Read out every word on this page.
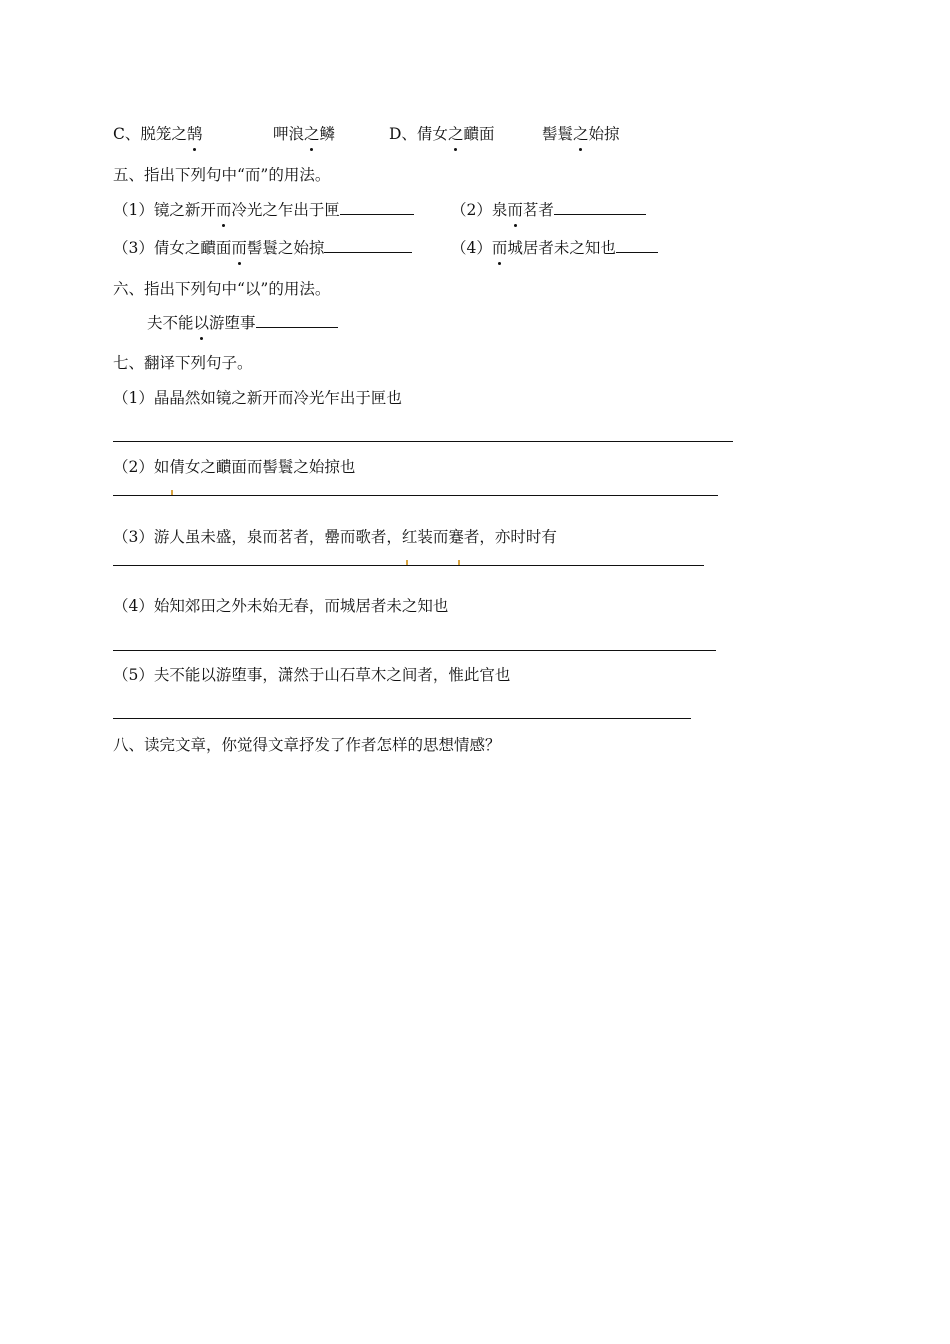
C、脱笼之鹄	呷浪之鳞	D、倩女之靧面	髻鬟之始掠
五、指出下列句中“而”的用法。
（1）镜之新开而冷光之乍出于匣	（2）泉而茗者
（3）倩女之靧面而髻鬟之始掠	（4）而城居者未之知也
六、指出下列句中“以”的用法。
夫不能以游堕事
七、翻译下列句子。
（1）晶晶然如镜之新开而冷光乍出于匣也
（2）如倩女之靧面而髻鬟之始掠也
（3）游人虽未盛，泉而茗者，罍而歌者，红装而蹇者，亦时时有
（4）始知郊田之外未始无春，而城居者未之知也
（5）夫不能以游堕事，潇然于山石草木之间者，惟此官也
八、读完文章，你觉得文章抒发了作者怎样的思想情感？
